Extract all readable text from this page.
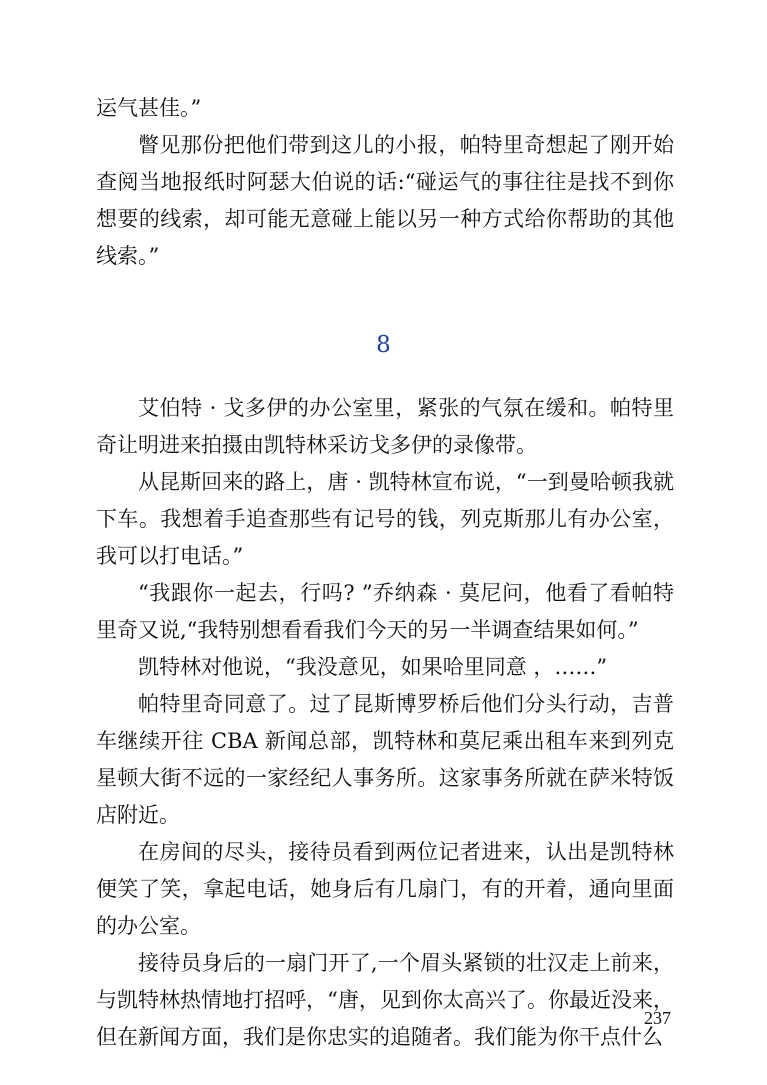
运气甚佳。”

瞥见那份把他们带到这儿的小报，帕特里奇想起了刚开始查阅当地报纸时阿瑟大伯说的话:“碰运气的事往往是找不到你想要的线索，却可能无意碰上能以另一种方式给你帮助的其他线索。”

8

艾伯特 · 戈多伊的办公室里，紧张的气氛在缓和。帕特里奇让明进来拍摄由凯特林采访戈多伊的录像带。

从昆斯回来的路上，唐 · 凯特林宣布说，“一到曼哈顿我就下车。我想着手追查那些有记号的钱，列克斯那儿有办公室，我可以打电话。”

“我跟你一起去，行吗? ”乔纳森 · 莫尼问，他看了看帕特里奇又说,“我特别想看看我们今天的另一半调查结果如何。”

凯特林对他说，“我没意见，如果哈里同意 ，……”

帕特里奇同意了。过了昆斯博罗桥后他们分头行动，吉普车继续开往 CBA 新闻总部，凯特林和莫尼乘出租车来到列克星顿大街不远的一家经纪人事务所。这家事务所就在萨米特饭店附近。

在房间的尽头，接待员看到两位记者进来，认出是凯特林便笑了笑，拿起电话，她身后有几扇门，有的开着，通向里面的办公室。

接待员身后的一扇门开了,一个眉头紧锁的壮汉走上前来，与凯特林热情地打招呼，“唐，见到你太高兴了。你最近没来，但在新闻方面，我们是你忠实的追随者。我们能为你干点什么

237
